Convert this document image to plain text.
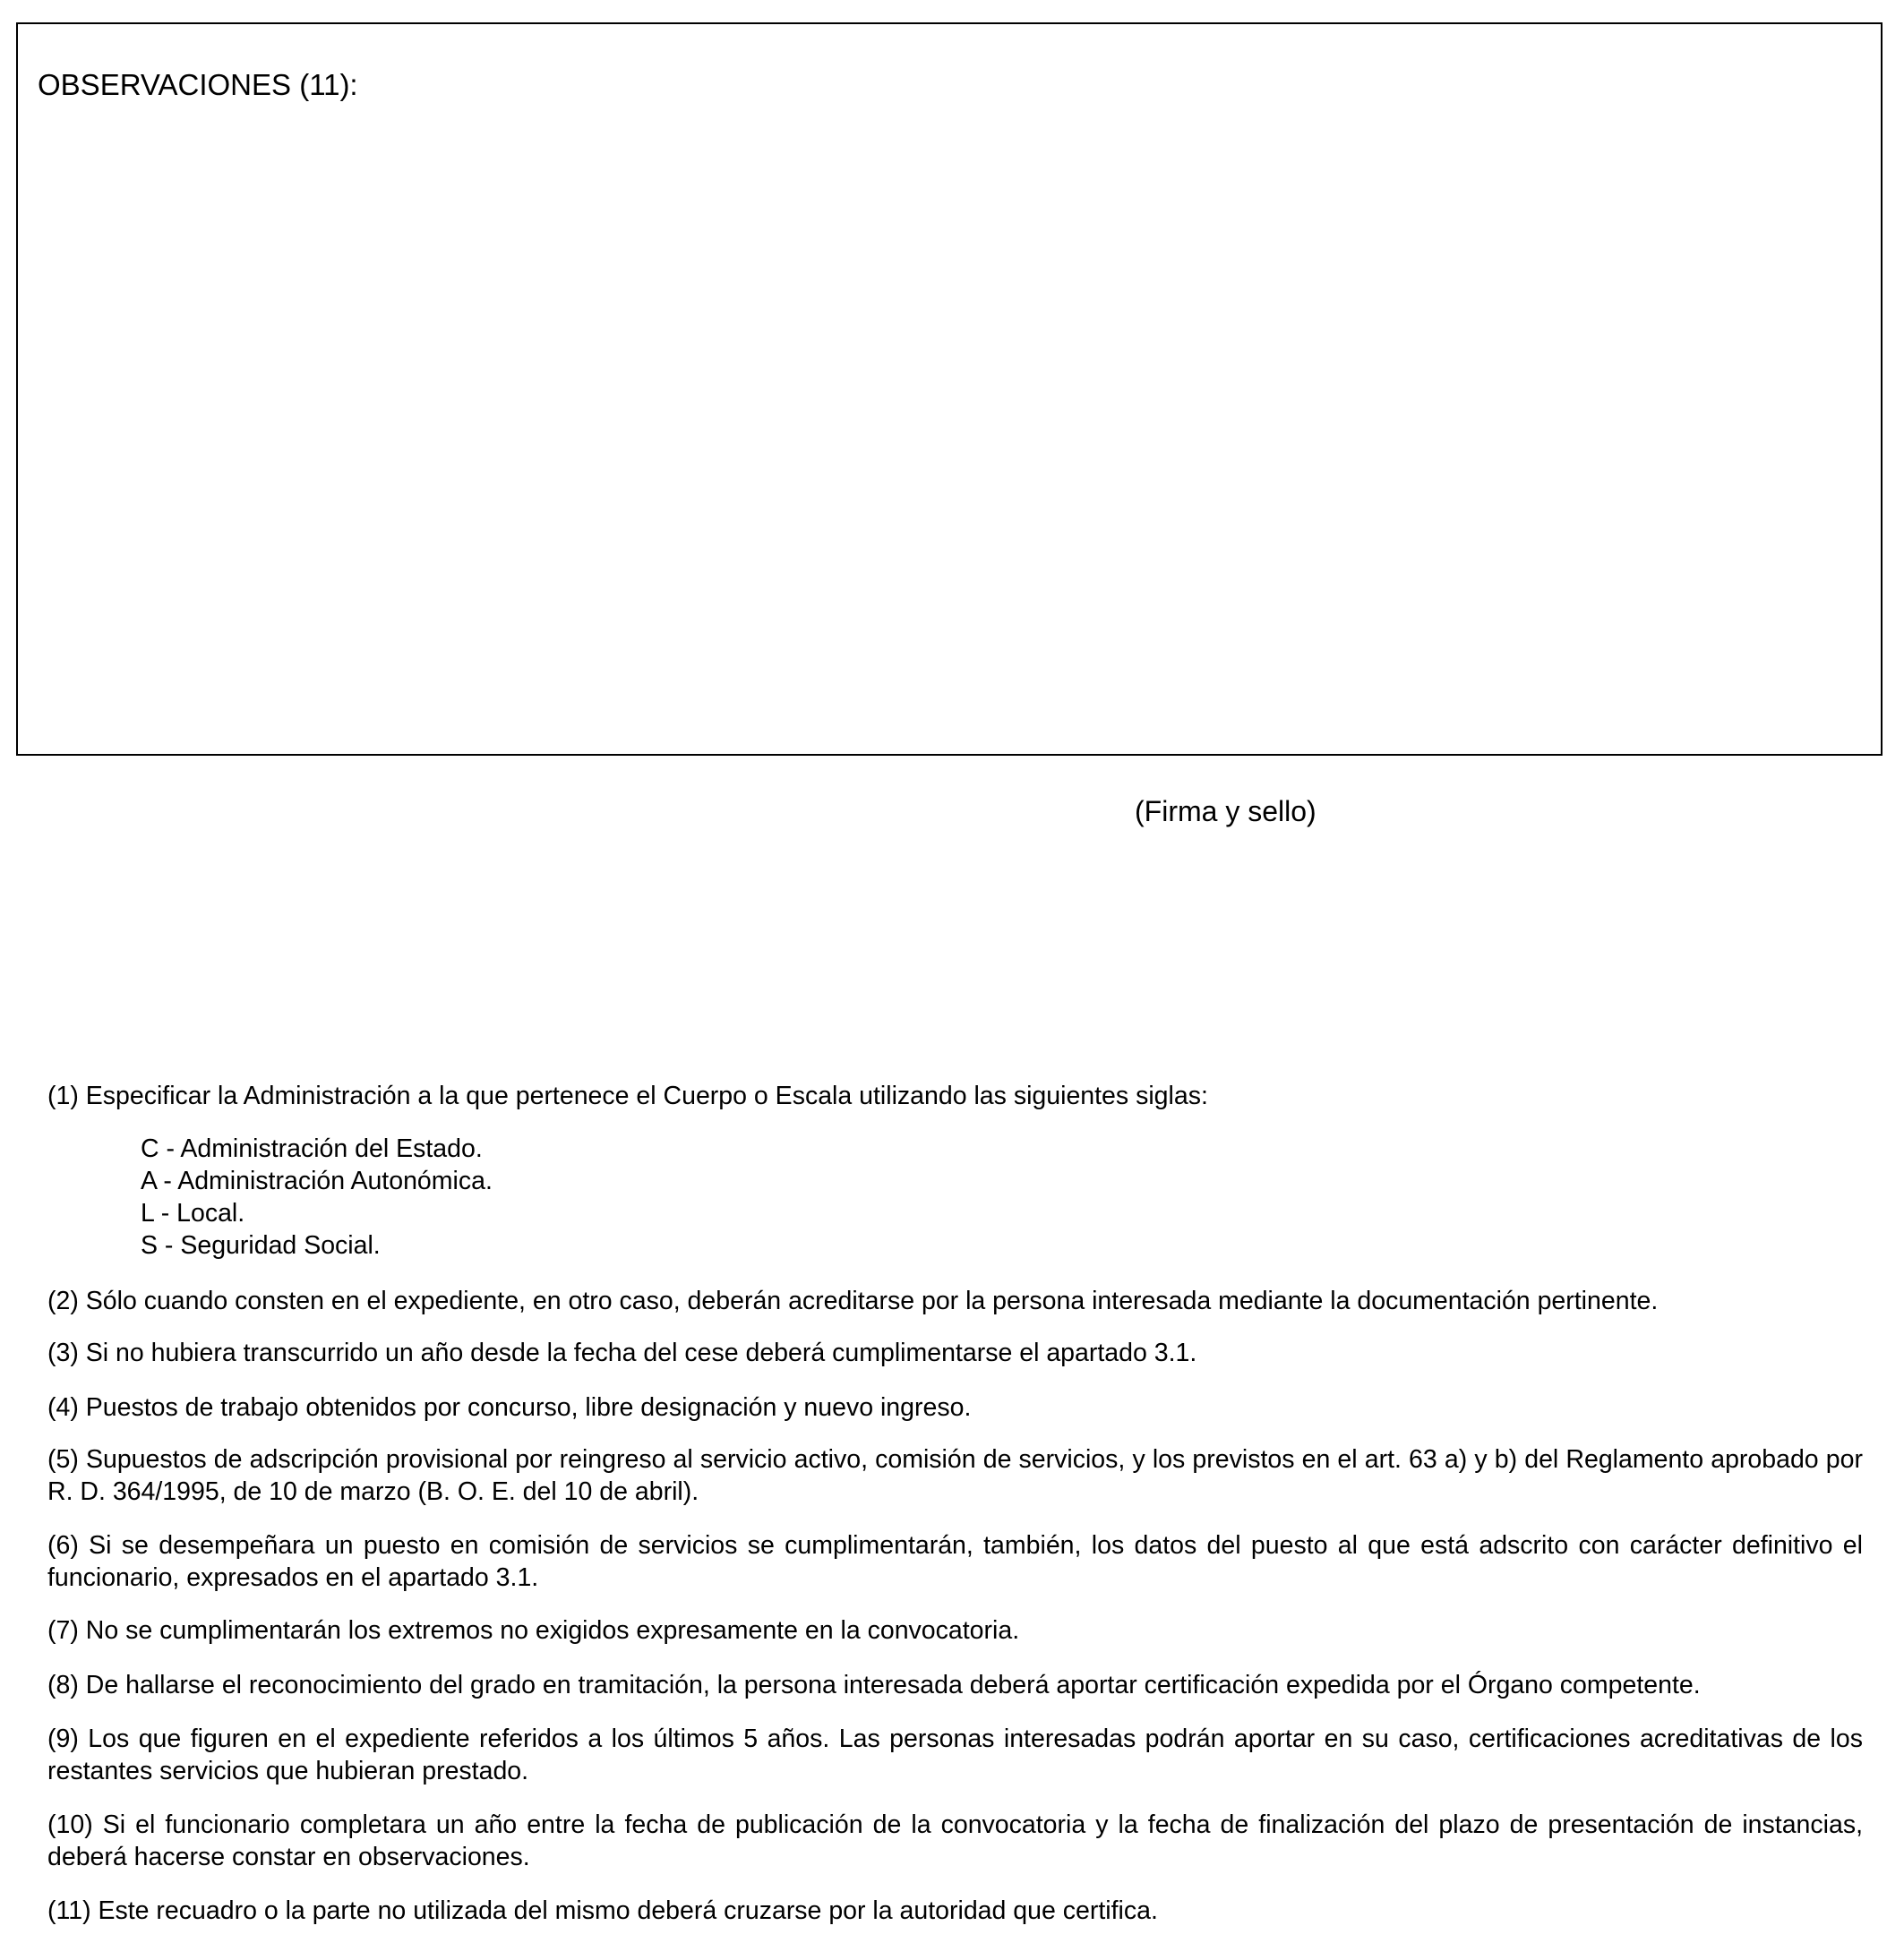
OBSERVACIONES (11):
(Firma y sello)
(1) Especificar la Administración a la que pertenece el Cuerpo o Escala utilizando las siguientes siglas:
C - Administración del Estado.
A - Administración Autonómica.
L - Local.
S - Seguridad Social.
(2) Sólo cuando consten en el expediente, en otro caso, deberán acreditarse por la persona interesada mediante la documentación pertinente.
(3) Si no hubiera transcurrido un año desde la fecha del cese deberá cumplimentarse el apartado 3.1.
(4) Puestos de trabajo obtenidos por concurso, libre designación y nuevo ingreso.
(5) Supuestos de adscripción provisional por reingreso al servicio activo, comisión de servicios, y los previstos en el art. 63 a) y b) del Reglamento aprobado por R. D. 364/1995, de 10 de marzo (B. O. E. del 10 de abril).
(6) Si se desempeñara un puesto en comisión de servicios se cumplimentarán, también, los datos del puesto al que está adscrito con carácter definitivo el funcionario, expresados en el apartado 3.1.
(7) No se cumplimentarán los extremos no exigidos expresamente en la convocatoria.
(8) De hallarse el reconocimiento del grado en tramitación, la persona interesada deberá aportar certificación expedida por el Órgano competente.
(9) Los que figuren en el expediente referidos a los últimos 5 años. Las personas interesadas podrán aportar en su caso, certificaciones acreditativas de los restantes servicios que hubieran prestado.
(10) Si el funcionario completara un año entre la fecha de publicación de la convocatoria y la fecha de finalización del plazo de presentación de instancias, deberá hacerse constar en observaciones.
(11) Este recuadro o la parte no utilizada del mismo deberá cruzarse por la autoridad que certifica.
